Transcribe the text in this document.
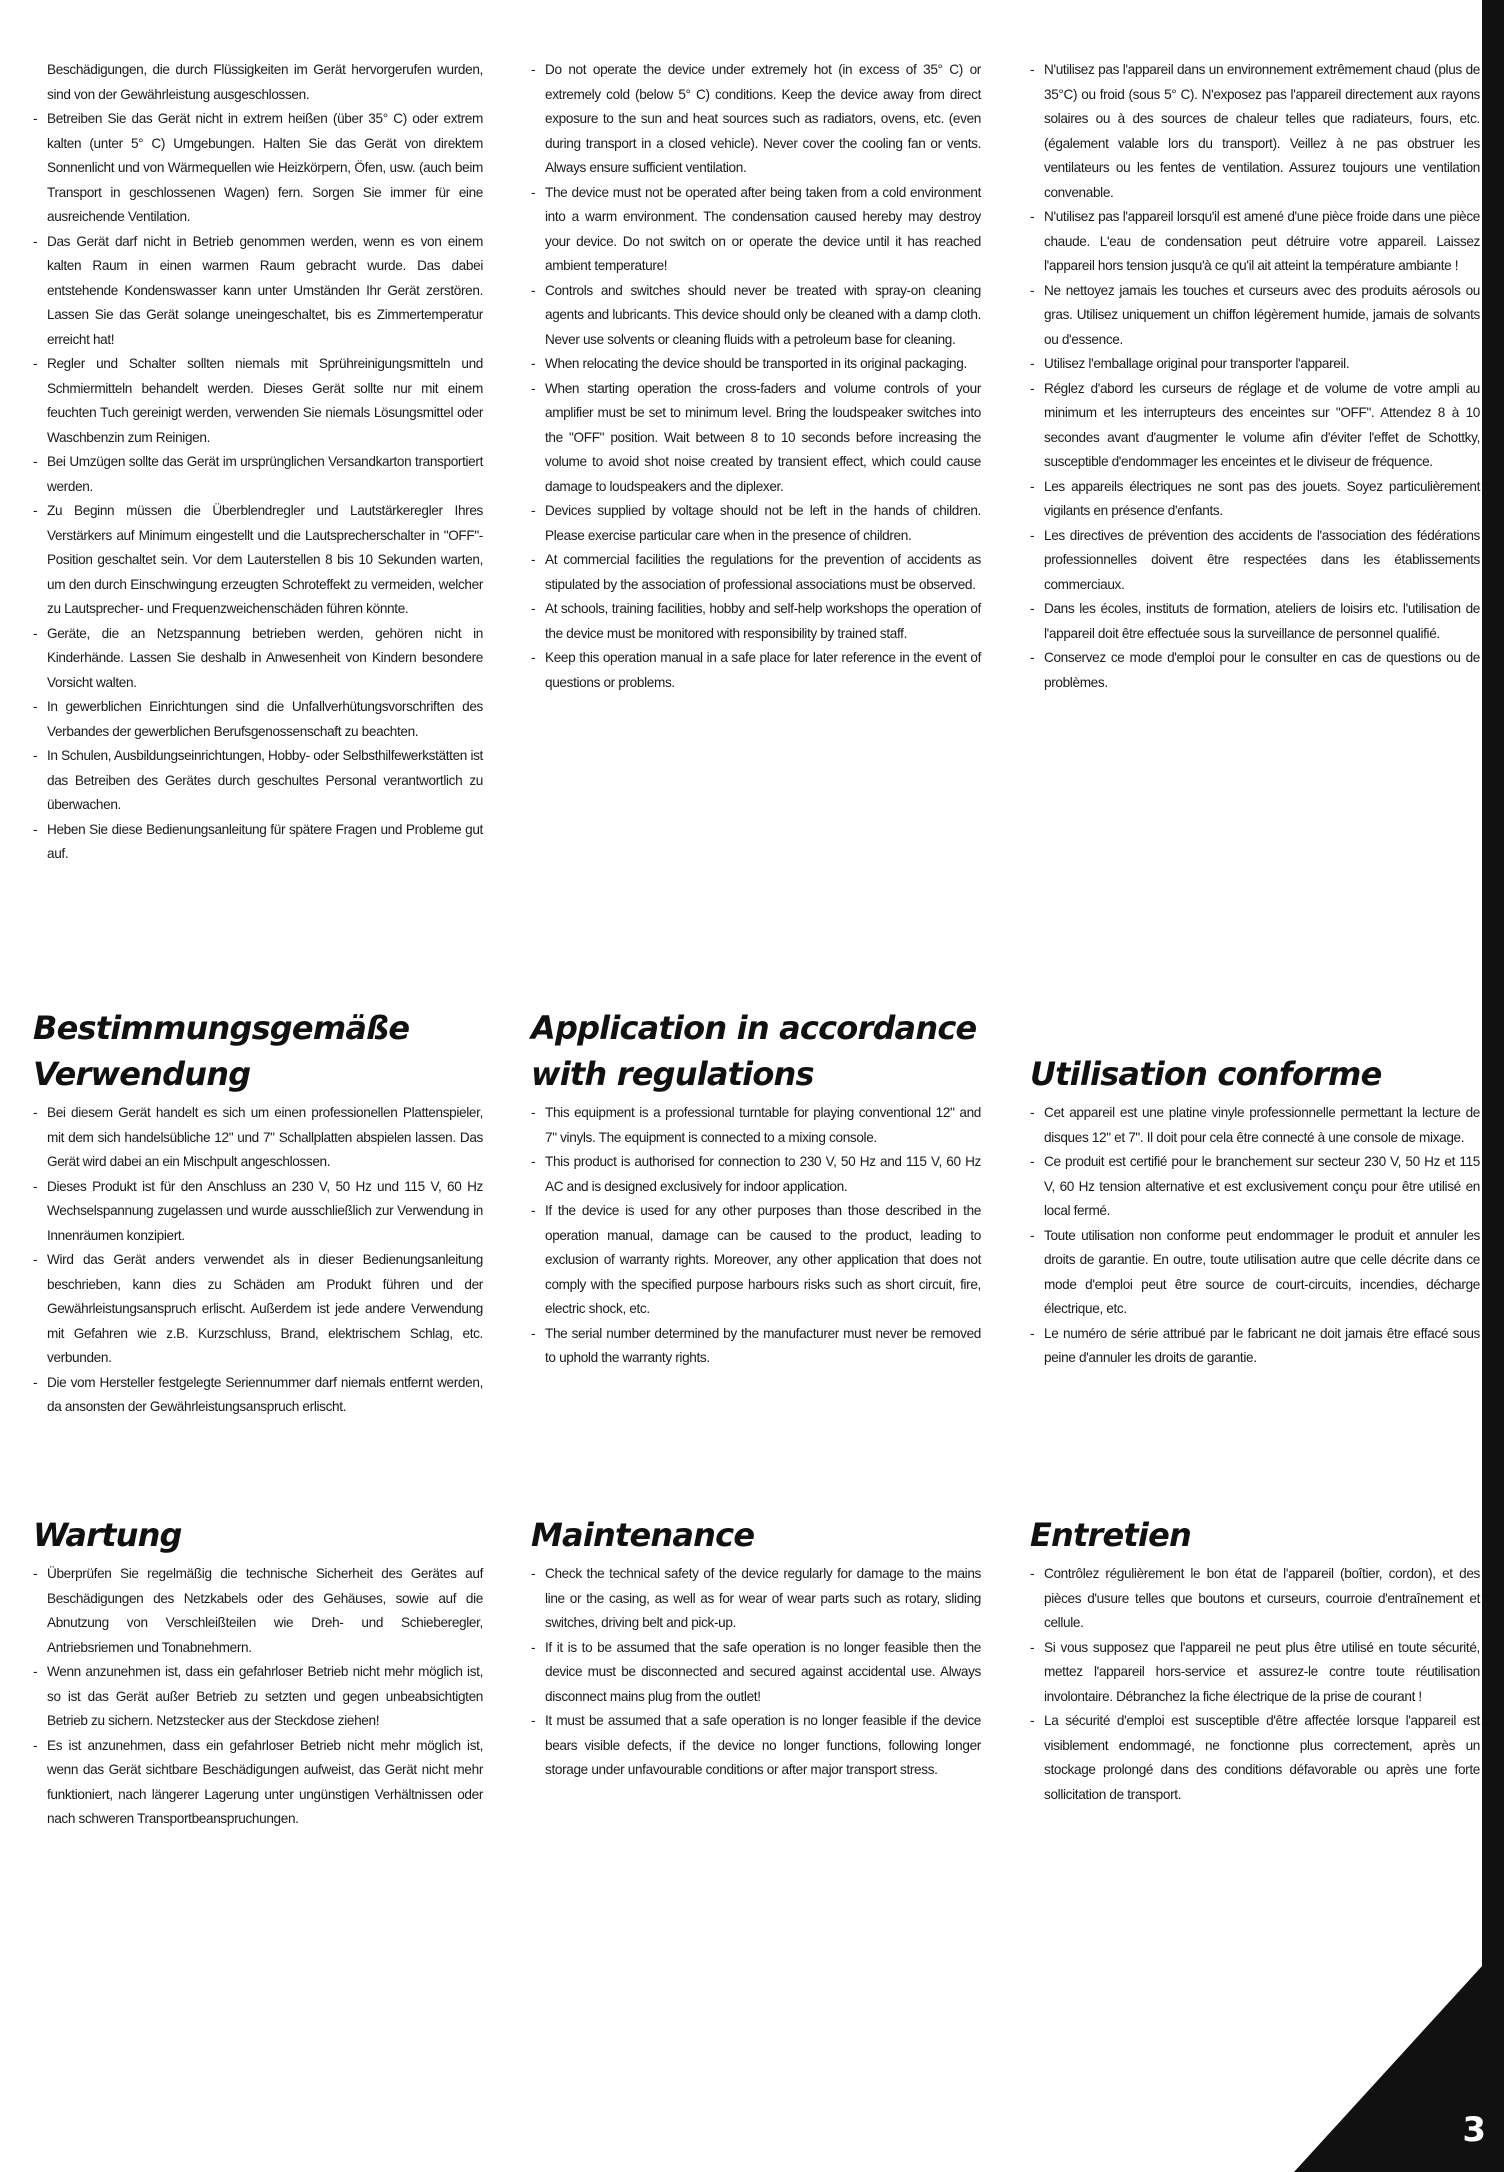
Beschädigungen, die durch Flüssigkeiten im Gerät hervorgerufen wurden, sind von der Gewährleistung ausgeschlossen.
- Betreiben Sie das Gerät nicht in extrem heißen (über 35° C) oder extrem kalten (unter 5° C) Umgebungen. Halten Sie das Gerät von direktem Sonnenlicht und von Wärmequellen wie Heizkörpern, Öfen, usw. (auch beim Transport in geschlossenen Wagen) fern. Sorgen Sie immer für eine ausreichende Ventilation.
- Das Gerät darf nicht in Betrieb genommen werden, wenn es von einem kalten Raum in einen warmen Raum gebracht wurde. Das dabei entstehende Kondenswasser kann unter Umständen Ihr Gerät zerstören. Lassen Sie das Gerät solange uneingeschaltet, bis es Zimmertemperatur erreicht hat!
- Regler und Schalter sollten niemals mit Sprühreinigungsmitteln und Schmiermitteln behandelt werden. Dieses Gerät sollte nur mit einem feuchten Tuch gereinigt werden, verwenden Sie niemals Lösungsmittel oder Waschbenzin zum Reinigen.
- Bei Umzügen sollte das Gerät im ursprünglichen Versandkarton transportiert werden.
- Zu Beginn müssen die Überblendregler und Lautstärkeregler Ihres Verstärkers auf Minimum eingestellt und die Lautsprecherschalter in "OFF"-Position geschaltet sein. Vor dem Lauterstellen 8 bis 10 Sekunden warten, um den durch Einschwingung erzeugten Schroteffekt zu vermeiden, welcher zu Lautsprecher- und Frequenzweichenschäden führen könnte.
- Geräte, die an Netzspannung betrieben werden, gehören nicht in Kinderhände. Lassen Sie deshalb in Anwesenheit von Kindern besondere Vorsicht walten.
- In gewerblichen Einrichtungen sind die Unfallverhütungsvorschriften des Verbandes der gewerblichen Berufsgenossenschaft zu beachten.
- In Schulen, Ausbildungseinrichtungen, Hobby- oder Selbsthilfewerkstätten ist das Betreiben des Gerätes durch geschultes Personal verantwortlich zu überwachen.
- Heben Sie diese Bedienungsanleitung für spätere Fragen und Probleme gut auf.
Bestimmungsgemäße Verwendung
- Bei diesem Gerät handelt es sich um einen professionellen Plattenspieler, mit dem sich handelsübliche 12" und 7" Schallplatten abspielen lassen. Das Gerät wird dabei an ein Mischpult angeschlossen.
- Dieses Produkt ist für den Anschluss an 230 V, 50 Hz und 115 V, 60 Hz Wechselspannung zugelassen und wurde ausschließlich zur Verwendung in Innenräumen konzipiert.
- Wird das Gerät anders verwendet als in dieser Bedienungsanleitung beschrieben, kann dies zu Schäden am Produkt führen und der Gewährleistungsanspruch erlischt. Außerdem ist jede andere Verwendung mit Gefahren wie z.B. Kurzschluss, Brand, elektrischem Schlag, etc. verbunden.
- Die vom Hersteller festgelegte Seriennummer darf niemals entfernt werden, da ansonsten der Gewährleistungsanspruch erlischt.
Wartung
- Überprüfen Sie regelmäßig die technische Sicherheit des Gerätes auf Beschädigungen des Netzkabels oder des Gehäuses, sowie auf die Abnutzung von Verschleißteilen wie Dreh- und Schieberegler, Antriebsriemen und Tonabnehmern.
- Wenn anzunehmen ist, dass ein gefahrloser Betrieb nicht mehr möglich ist, so ist das Gerät außer Betrieb zu setzten und gegen unbeabsichtigten Betrieb zu sichern. Netzstecker aus der Steckdose ziehen!
- Es ist anzunehmen, dass ein gefahrloser Betrieb nicht mehr möglich ist, wenn das Gerät sichtbare Beschädigungen aufweist, das Gerät nicht mehr funktioniert, nach längerer Lagerung unter ungünstigen Verhältnissen oder nach schweren Transportbeanspruchungen.
- Do not operate the device under extremely hot (in excess of 35° C) or extremely cold (below 5° C) conditions. Keep the device away from direct exposure to the sun and heat sources such as radiators, ovens, etc. (even during transport in a closed vehicle). Never cover the cooling fan or vents. Always ensure sufficient ventilation.
- The device must not be operated after being taken from a cold environment into a warm environment. The condensation caused hereby may destroy your device. Do not switch on or operate the device until it has reached ambient temperature!
- Controls and switches should never be treated with spray-on cleaning agents and lubricants. This device should only be cleaned with a damp cloth. Never use solvents or cleaning fluids with a petroleum base for cleaning.
- When relocating the device should be transported in its original packaging.
- When starting operation the cross-faders and volume controls of your amplifier must be set to minimum level. Bring the loudspeaker switches into the "OFF" position. Wait between 8 to 10 seconds before increasing the volume to avoid shot noise created by transient effect, which could cause damage to loudspeakers and the diplexer.
- Devices supplied by voltage should not be left in the hands of children. Please exercise particular care when in the presence of children.
- At commercial facilities the regulations for the prevention of accidents as stipulated by the association of professional associations must be observed.
- At schools, training facilities, hobby and self-help workshops the operation of the device must be monitored with responsibility by trained staff.
- Keep this operation manual in a safe place for later reference in the event of questions or problems.
Application in accordance with regulations
- This equipment is a professional turntable for playing conventional 12" and 7" vinyls. The equipment is connected to a mixing console.
- This product is authorised for connection to 230 V, 50 Hz and 115 V, 60 Hz AC and is designed exclusively for indoor application.
- If the device is used for any other purposes than those described in the operation manual, damage can be caused to the product, leading to exclusion of warranty rights. Moreover, any other application that does not comply with the specified purpose harbours risks such as short circuit, fire, electric shock, etc.
- The serial number determined by the manufacturer must never be removed to uphold the warranty rights.
Maintenance
- Check the technical safety of the device regularly for damage to the mains line or the casing, as well as for wear of wear parts such as rotary, sliding switches, driving belt and pick-up.
- If it is to be assumed that the safe operation is no longer feasible then the device must be disconnected and secured against accidental use. Always disconnect mains plug from the outlet!
- It must be assumed that a safe operation is no longer feasible if the device bears visible defects, if the device no longer functions, following longer storage under unfavourable conditions or after major transport stress.
- N'utilisez pas l'appareil dans un environnement extrêmement chaud (plus de 35°C) ou froid (sous 5° C). N'exposez pas l'appareil directement aux rayons solaires ou à des sources de chaleur telles que radiateurs, fours, etc. (également valable lors du transport). Veillez à ne pas obstruer les ventilateurs ou les fentes de ventilation. Assurez toujours une ventilation convenable.
- N'utilisez pas l'appareil lorsqu'il est amené d'une pièce froide dans une pièce chaude. L'eau de condensation peut détruire votre appareil. Laissez l'appareil hors tension jusqu'à ce qu'il ait atteint la température ambiante !
- Ne nettoyez jamais les touches et curseurs avec des produits aérosols ou gras. Utilisez uniquement un chiffon légèrement humide, jamais de solvants ou d'essence.
- Utilisez l'emballage original pour transporter l'appareil.
- Réglez d'abord les curseurs de réglage et de volume de votre ampli au minimum et les interrupteurs des enceintes sur "OFF". Attendez 8 à 10 secondes avant d'augmenter le volume afin d'éviter l'effet de Schottky, susceptible d'endommager les enceintes et le diviseur de fréquence.
- Les appareils électriques ne sont pas des jouets. Soyez particulièrement vigilants en présence d'enfants.
- Les directives de prévention des accidents de l'association des fédérations professionnelles doivent être respectées dans les établissements commerciaux.
- Dans les écoles, instituts de formation, ateliers de loisirs etc. l'utilisation de l'appareil doit être effectuée sous la surveillance de personnel qualifié.
- Conservez ce mode d'emploi pour le consulter en cas de questions ou de problèmes.
Utilisation conforme
- Cet appareil est une platine vinyle professionnelle permettant la lecture de disques 12" et 7". Il doit pour cela être connecté à une console de mixage.
- Ce produit est certifié pour le branchement sur secteur 230 V, 50 Hz et 115 V, 60 Hz tension alternative et est exclusivement conçu pour être utilisé en local fermé.
- Toute utilisation non conforme peut endommager le produit et annuler les droits de garantie. En outre, toute utilisation autre que celle décrite dans ce mode d'emploi peut être source de court-circuits, incendies, décharge électrique, etc.
- Le numéro de série attribué par le fabricant ne doit jamais être effacé sous peine d'annuler les droits de garantie.
Entretien
- Contrôlez régulièrement le bon état de l'appareil (boîtier, cordon), et des pièces d'usure telles que boutons et curseurs, courroie d'entraînement et cellule.
- Si vous supposez que l'appareil ne peut plus être utilisé en toute sécurité, mettez l'appareil hors-service et assurez-le contre toute réutilisation involontaire. Débranchez la fiche électrique de la prise de courant !
- La sécurité d'emploi est susceptible d'être affectée lorsque l'appareil est visiblement endommagé, ne fonctionne plus correctement, après un stockage prolongé dans des conditions défavorable ou après une forte sollicitation de transport.
3
